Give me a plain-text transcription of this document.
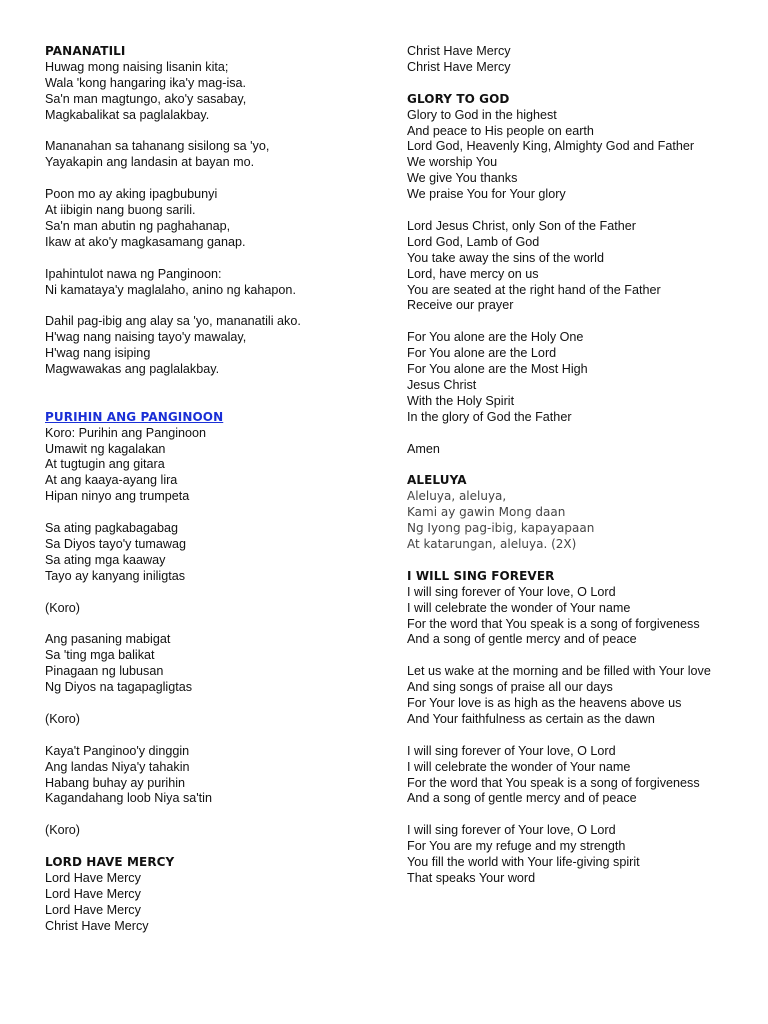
PANANATILI
Huwag mong naising lisanin kita;
Wala 'kong hangaring ika'y mag-isa.
Sa'n man magtungo, ako'y sasabay,
Magkabalikat sa paglalakbay.
Mananahan sa tahanang sisilong sa 'yo,
Yayakapin ang landasin at bayan mo.
Poon mo ay aking ipagbubunyi
At iibigin nang buong sarili.
Sa'n man abutin ng paghahanap,
Ikaw at ako'y magkasamang ganap.
Ipahintulot nawa ng Panginoon:
Ni kamataya'y maglalaho, anino ng kahapon.
Dahil pag-ibig ang alay sa 'yo, mananatili ako.
H'wag nang naising tayo'y mawalay,
H'wag nang isiping
Magwawakas ang paglalakbay.
PURIHIN ANG PANGINOON
Koro: Purihin ang Panginoon
Umawit ng kagalakan
At tugtugin ang gitara
At ang kaaya-ayang lira
Hipan ninyo ang trumpeta
Sa ating pagkabagabag
Sa Diyos tayo'y tumawag
Sa ating mga kaaway
Tayo ay kanyang iniligtas
(Koro)
Ang pasaning mabigat
Sa 'ting mga balikat
Pinagaan ng lubusan
Ng Diyos na tagapagligtas
(Koro)
Kaya't Panginoo'y dinggin
Ang landas Niya'y tahakin
Habang buhay ay purihin
Kagandahang loob Niya sa'tin
(Koro)
LORD HAVE MERCY
Lord Have Mercy
Lord Have Mercy
Lord Have Mercy
Christ Have Mercy
Christ Have Mercy
Christ Have Mercy
GLORY TO GOD
Glory to God in the highest
And peace to His people on earth
Lord God, Heavenly King, Almighty God and Father
We worship You
We give You thanks
We praise You for Your glory
Lord Jesus Christ, only Son of the Father
Lord God, Lamb of God
You take away the sins of the world
Lord, have mercy on us
You are seated at the right hand of the Father
Receive our prayer
For You alone are the Holy One
For You alone are the Lord
For You alone are the Most High
Jesus Christ
With the Holy Spirit
In the glory of God the Father
Amen
ALELUYA
Aleluya, aleluya,
Kami ay gawin Mong daan
Ng Iyong pag-ibig, kapayapaan
At katarungan, aleluya. (2X)
I WILL SING FOREVER
I will sing forever of Your love, O Lord
I will celebrate the wonder of Your name
For the word that You speak is a song of forgiveness
And a song of gentle mercy and of peace
Let us wake at the morning and be filled with Your love
And sing songs of praise all our days
For Your love is as high as the heavens above us
And Your faithfulness as certain as the dawn
I will sing forever of Your love, O Lord
I will celebrate the wonder of Your name
For the word that You speak is a song of forgiveness
And a song of gentle mercy and of peace
I will sing forever of Your love, O Lord
For You are my refuge and my strength
You fill the world with Your life-giving spirit
That speaks Your word
